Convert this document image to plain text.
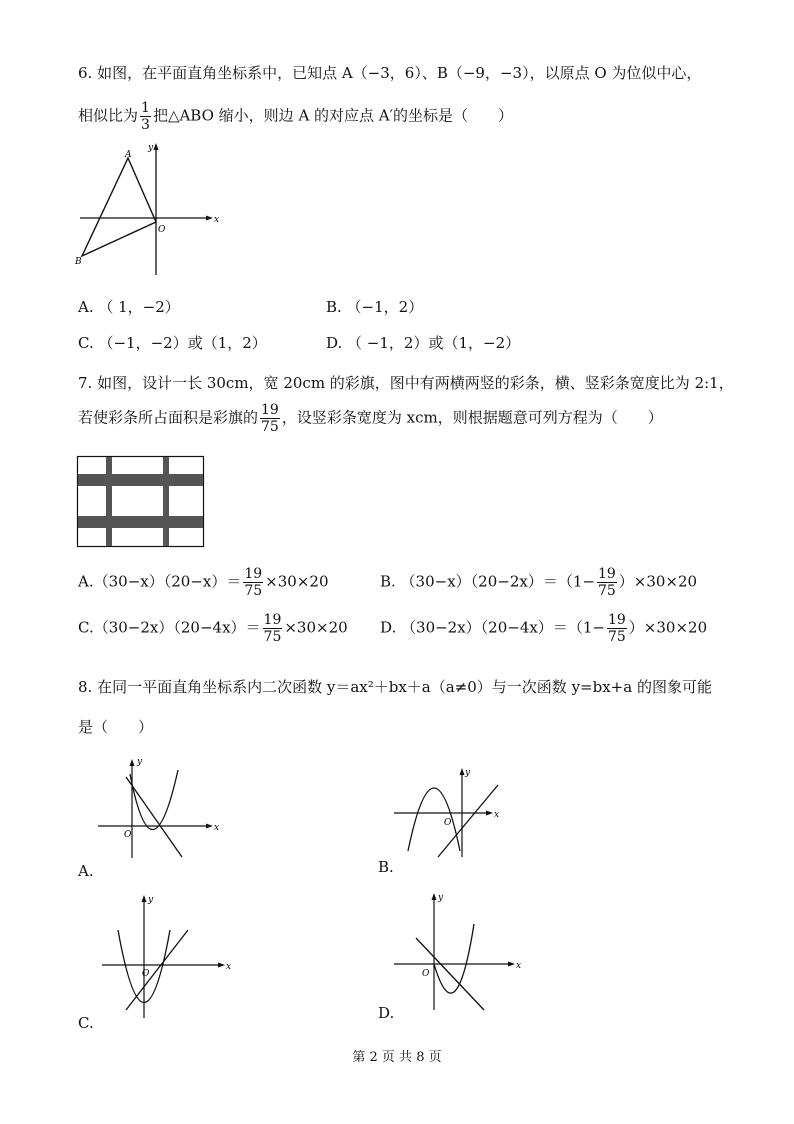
6. 如图，在平面直角坐标系中，已知点 A（−3，6）、B（−9，−3），以原点 O 为位似中心，
相似比为 $\frac{1}{3}$ 把△ABO 缩小，则边 A 的对应点 A′的坐标是（　　）
A
B
O
x
y
A. （ 1，−2）	B. （−1，2）
C. （−1，−2）或（1，2）	D. （ −1，2）或（1，−2）
7. 如图，设计一长 30cm，宽 20cm 的彩旗，图中有两横两竖的彩条，横、竖彩条宽度比为 2:1，
若使彩条所占面积是彩旗的 $\frac{19}{75}$ ，设竖彩条宽度为 xcm，则根据题意可列方程为（　　）
$A.(30-x)(20-x)= \frac{19}{75} \times 30\times 20$	B. $(30-x)(20-2x)=(1- \frac{19}{75} )\times 30\times 20$
$C.(30-2x)(20-4x)= \frac{19}{75} \times 30\times 20$ D. $(30-2x)(20-4x)=(1- \frac{19}{75} )\times 30\times 20$
8. 在同一平面直角坐标系内二次函数 y＝ax²＋bx＋a（a≠0）与一次函数 y=bx+a 的图象可能
是（　　）
x
y
O
A.
x
y
O
B.
x
y
O
C.
x
y
O
D.
第 2 页 共 8 页
